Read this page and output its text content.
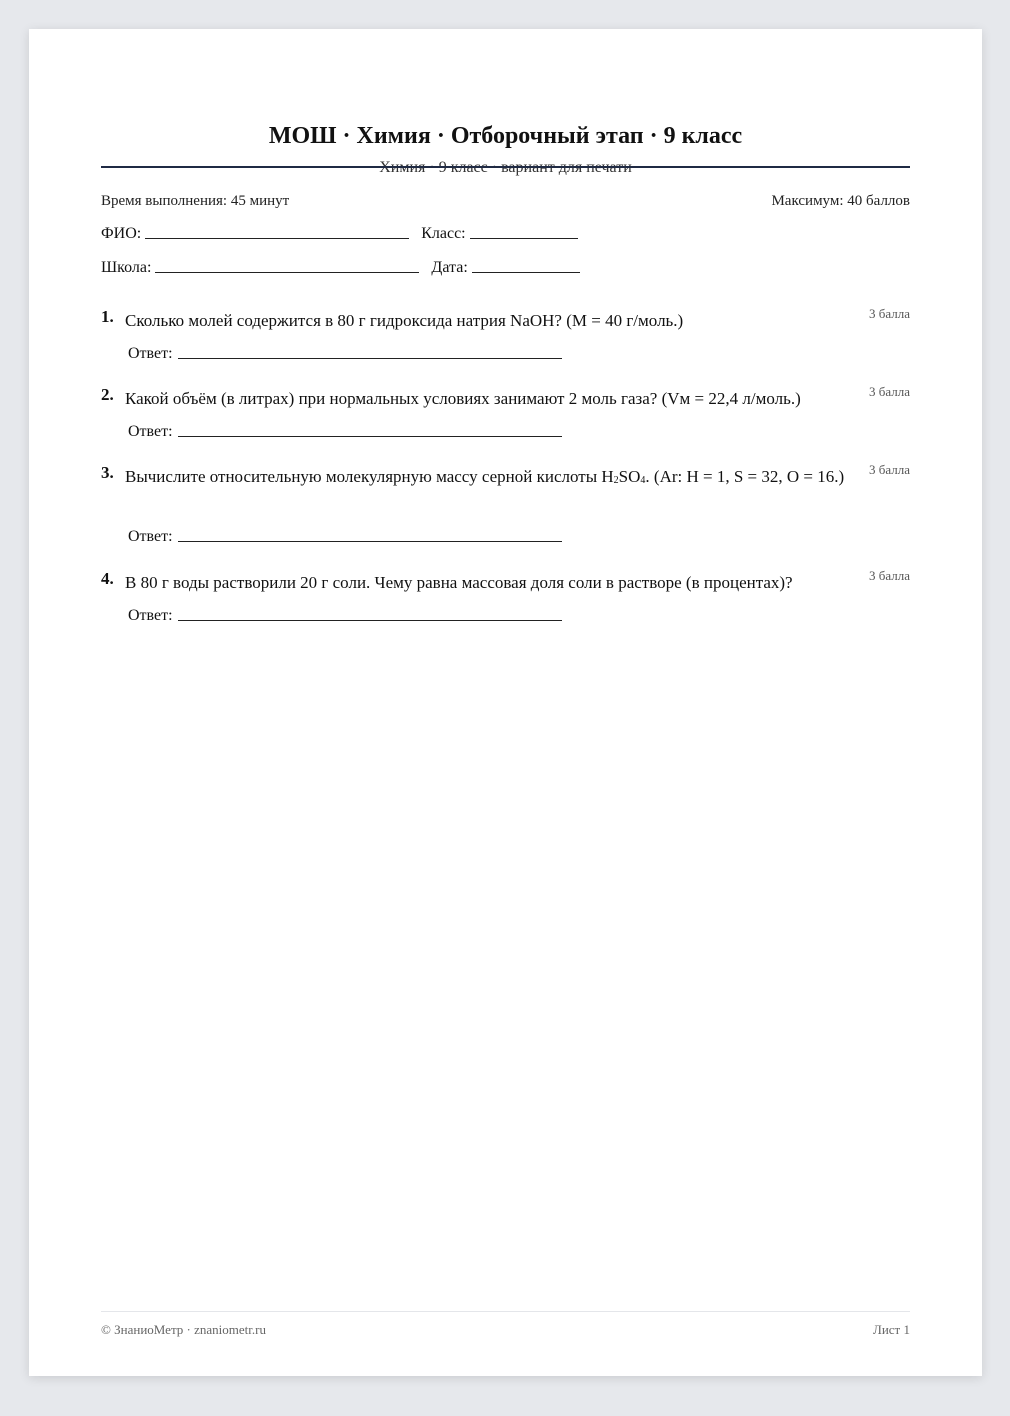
МОШ · Химия · Отборочный этап · 9 класс
Время выполнения: 45 минут	Максимум: 40 баллов
ФИО:	Класс:
Школа:	Дата:
1. Сколько молей содержится в 80 г гидроксида натрия NaOH? (M = 40 г/моль.)	3 балла
Ответ:
2. Какой объём (в литрах) при нормальных условиях занимают 2 моль газа? (Vм = 22,4 л/моль.)	3 балла
Ответ:
3. Вычислите относительную молекулярную массу серной кислоты $H_2SO_4$. (Ar: H = 1, S = 32, O = 16.)	3 балла
Ответ:
4. В 80 г воды растворили 20 г соли. Чему равна массовая доля соли в растворе (в процентах)?	3 балла
Ответ:
© ЗнаниоМетр · znaniometr.ru	Лист 1
